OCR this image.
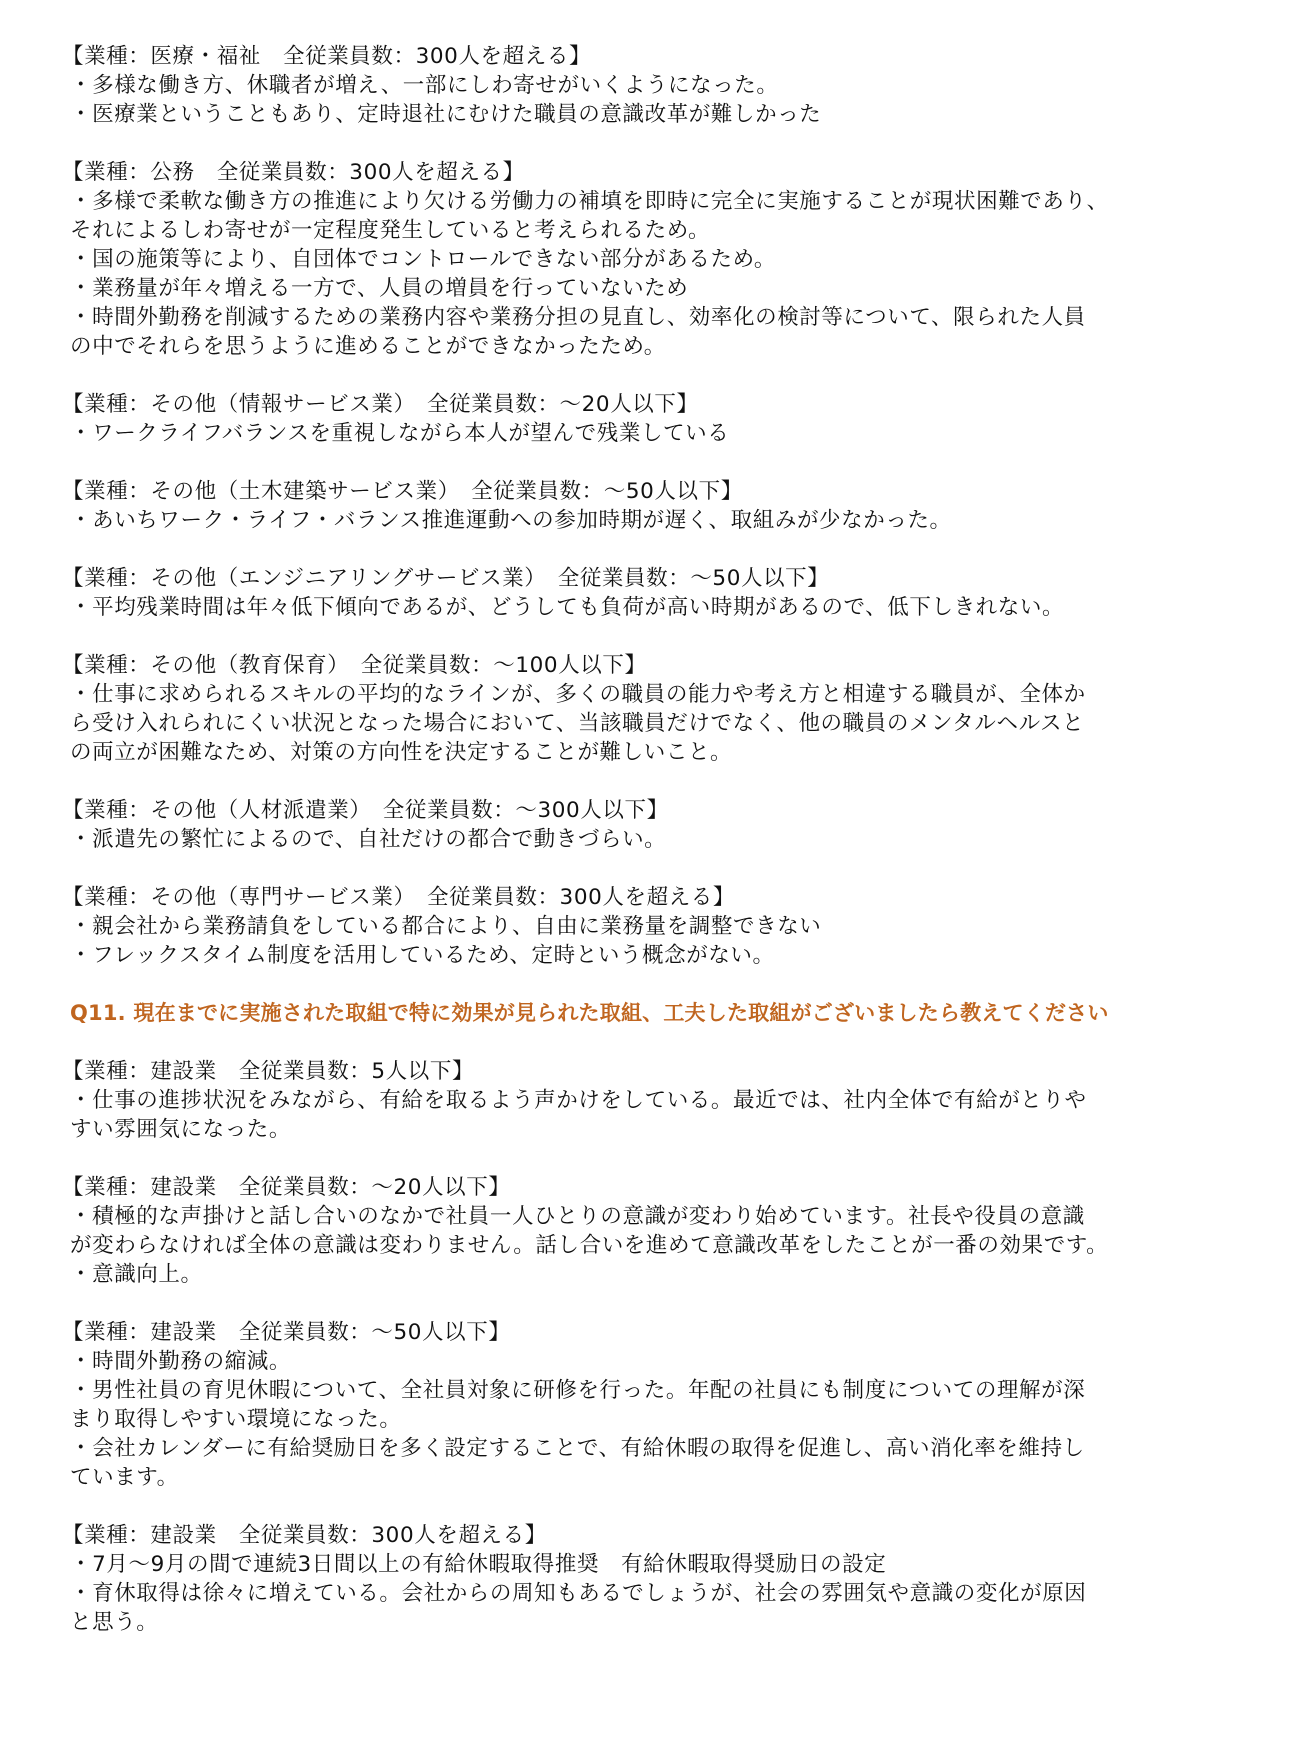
【業種：医療・福祉　全従業員数：300人を超える】
・多様な働き方、休職者が増え、一部にしわ寄せがいくようになった。
・医療業ということもあり、定時退社にむけた職員の意識改革が難しかった
【業種：公務　全従業員数：300人を超える】
・多様で柔軟な働き方の推進により欠ける労働力の補填を即時に完全に実施することが現状困難であり、
それによるしわ寄せが一定程度発生していると考えられるため。
・国の施策等により、自団体でコントロールできない部分があるため。
・業務量が年々増える一方で、人員の増員を行っていないため
・時間外勤務を削減するための業務内容や業務分担の見直し、効率化の検討等について、限られた人員
の中でそれらを思うように進めることができなかったため。
【業種：その他（情報サービス業）　全従業員数：～20人以下】
・ワークライフバランスを重視しながら本人が望んで残業している
【業種：その他（土木建築サービス業）　全従業員数：～50人以下】
・あいちワーク・ライフ・バランス推進運動への参加時期が遅く、取組みが少なかった。
【業種：その他（エンジニアリングサービス業）　全従業員数：～50人以下】
・平均残業時間は年々低下傾向であるが、どうしても負荷が高い時期があるので、低下しきれない。
【業種：その他（教育保育）　全従業員数：～100人以下】
・仕事に求められるスキルの平均的なラインが、多くの職員の能力や考え方と相違する職員が、全体か
ら受け入れられにくい状況となった場合において、当該職員だけでなく、他の職員のメンタルヘルスと
の両立が困難なため、対策の方向性を決定することが難しいこと。
【業種：その他（人材派遣業）　全従業員数：～300人以下】
・派遣先の繁忙によるので、自社だけの都合で動きづらい。
【業種：その他（専門サービス業）　全従業員数：300人を超える】
・親会社から業務請負をしている都合により、自由に業務量を調整できない
・フレックスタイム制度を活用しているため、定時という概念がない。
Q11. 現在までに実施された取組で特に効果が見られた取組、工夫した取組がございましたら教えてください
【業種：建設業　全従業員数：5人以下】
・仕事の進捗状況をみながら、有給を取るよう声かけをしている。最近では、社内全体で有給がとりや
すい雰囲気になった。
【業種：建設業　全従業員数：～20人以下】
・積極的な声掛けと話し合いのなかで社員一人ひとりの意識が変わり始めています。社長や役員の意識
が変わらなければ全体の意識は変わりません。話し合いを進めて意識改革をしたことが一番の効果です。
・意識向上。
【業種：建設業　全従業員数：～50人以下】
・時間外勤務の縮減。
・男性社員の育児休暇について、全社員対象に研修を行った。年配の社員にも制度についての理解が深
まり取得しやすい環境になった。
・会社カレンダーに有給奨励日を多く設定することで、有給休暇の取得を促進し、高い消化率を維持し
ています。
【業種：建設業　全従業員数：300人を超える】
・7月～9月の間で連続3日間以上の有給休暇取得推奨　有給休暇取得奨励日の設定
・育休取得は徐々に増えている。会社からの周知もあるでしょうが、社会の雰囲気や意識の変化が原因
と思う。
